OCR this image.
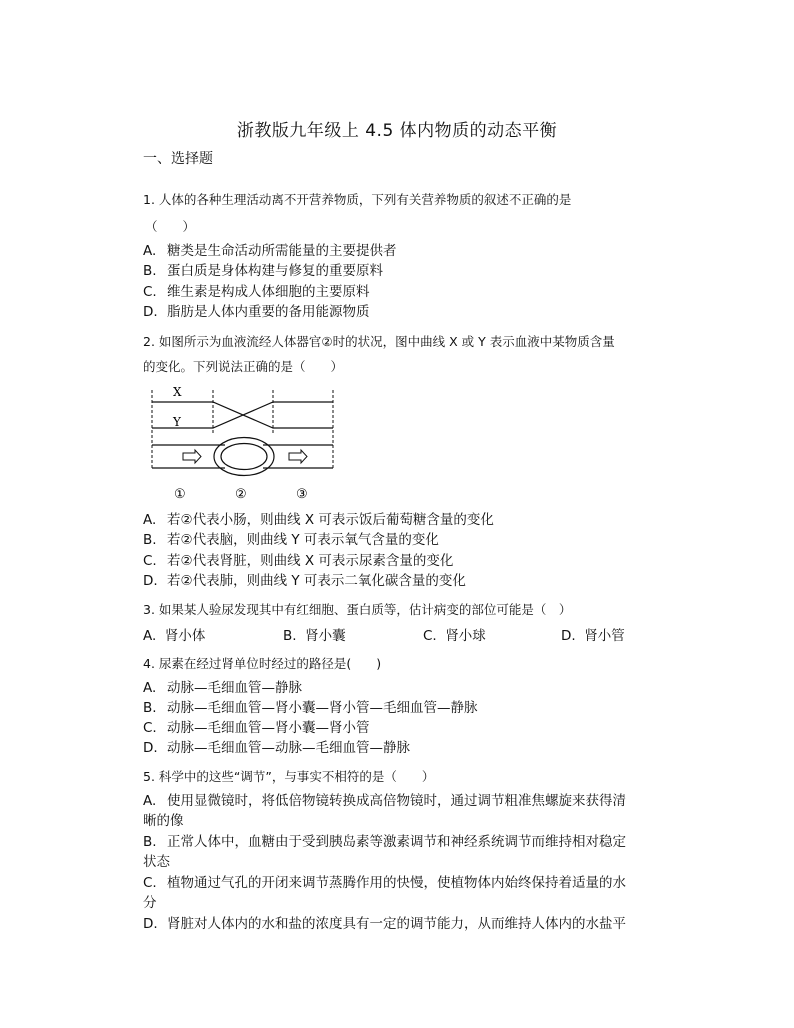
浙教版九年级上 4.5 体内物质的动态平衡
一、选择题
1. 人体的各种生理活动离不开营养物质，下列有关营养物质的叙述不正确的是
（　　）
A. 糖类是生命活动所需能量的主要提供者
B. 蛋白质是身体构建与修复的重要原料
C. 维生素是构成人体细胞的主要原料
D. 脂肪是人体内重要的备用能源物质
2. 如图所示为血液流经人体器官②时的状况，图中曲线 X 或 Y 表示血液中某物质含量
的变化。下列说法正确的是（　　）
X
Y
①	②	③
A. 若②代表小肠，则曲线 X 可表示饭后葡萄糖含量的变化
B. 若②代表脑，则曲线 Y 可表示氧气含量的变化
C. 若②代表肾脏，则曲线 X 可表示尿素含量的变化
D. 若②代表肺，则曲线 Y 可表示二氧化碳含量的变化
3. 如果某人验尿发现其中有红细胞、蛋白质等，估计病变的部位可能是（　）
A. 肾小体	B. 肾小囊	C. 肾小球	D. 肾小管
4. 尿素在经过肾单位时经过的路径是(　　)
A. 动脉—毛细血管—静脉
B. 动脉—毛细血管—肾小囊—肾小管—毛细血管—静脉
C. 动脉—毛细血管—肾小囊—肾小管
D. 动脉—毛细血管—动脉—毛细血管—静脉
5. 科学中的这些“调节”，与事实不相符的是（　　）
A. 使用显微镜时，将低倍物镜转换成高倍物镜时，通过调节粗准焦螺旋来获得清
晰的像
B. 正常人体中，血糖由于受到胰岛素等激素调节和神经系统调节而维持相对稳定
状态
C. 植物通过气孔的开闭来调节蒸腾作用的快慢，使植物体内始终保持着适量的水
分
D. 肾脏对人体内的水和盐的浓度具有一定的调节能力，从而维持人体内的水盐平
